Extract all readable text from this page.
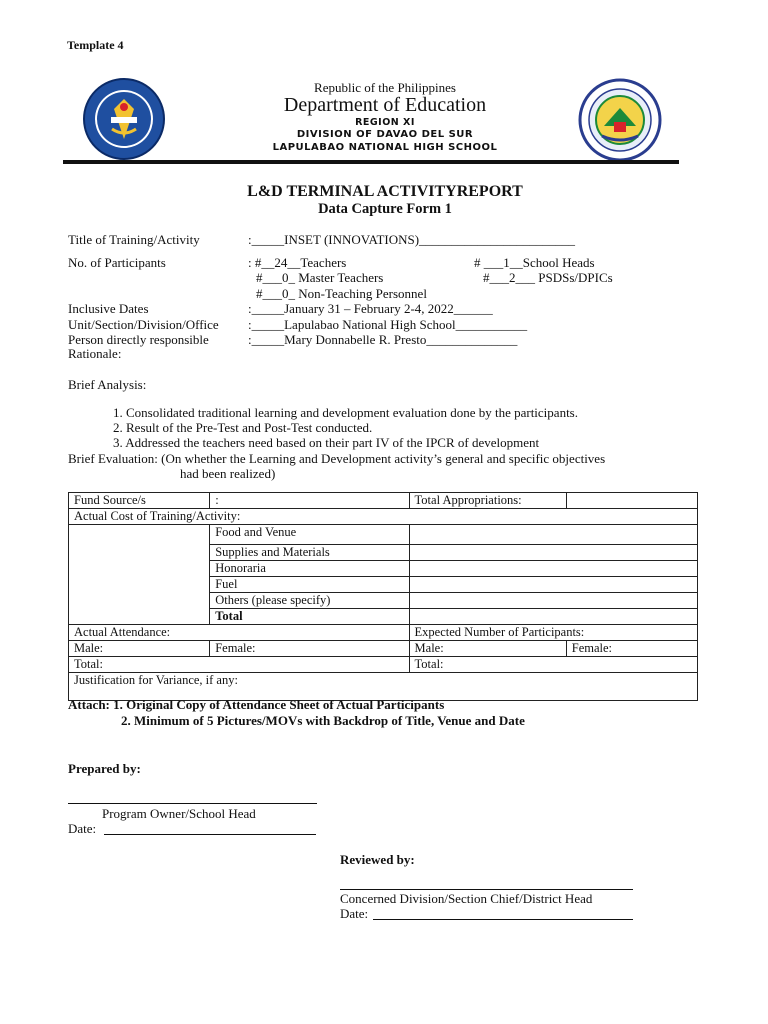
Template 4
Republic of the Philippines
Department of Education
REGION XI
DIVISION OF DAVAO DEL SUR
LAPULABAO NATIONAL HIGH SCHOOL
L&D TERMINAL ACTIVITYREPORT
Data Capture Form 1
Title of Training/Activity	:_____INSET (INNOVATIONS)________________________
No. of Participants	: #__24__Teachers	# ___1__School Heads
#___0_ Master Teachers	#___2___ PSDSs/DPICs
#___0_ Non-Teaching Personnel
Inclusive Dates	:_____January 31 – February 2-4, 2022______
Unit/Section/Division/Office :_____Lapulabao National High School___________
Person directly responsible	:_____Mary Donnabelle R. Presto______________
Rationale:
Brief Analysis:
1. Consolidated traditional learning and development evaluation done by the participants.
2. Result of the Pre-Test and Post-Test conducted.
3. Addressed the teachers need based on their part IV of the IPCR of development
Brief Evaluation: (On whether the Learning and Development activity’s general and specific objectives
had been realized)
Fund Source/s	:	Total Appropriations:	
Actual Cost of Training/Activity:			
	Food and Venue		
	Supplies and Materials		
	Honoraria		
	Fuel		
	Others (please specify)		
	Total		
Actual Attendance:		Expected Number of Participants:	
Male:	Female:	Male:	Female:
Total:		Total:	
Justification for Variance, if any:			
Attach: 1. Original Copy of Attendance Sheet of Actual Participants
2. Minimum of 5 Pictures/MOVs with Backdrop of Title, Venue and Date
Prepared by:
Program Owner/School Head
Date:
Reviewed by:
Concerned Division/Section Chief/District Head
Date:
